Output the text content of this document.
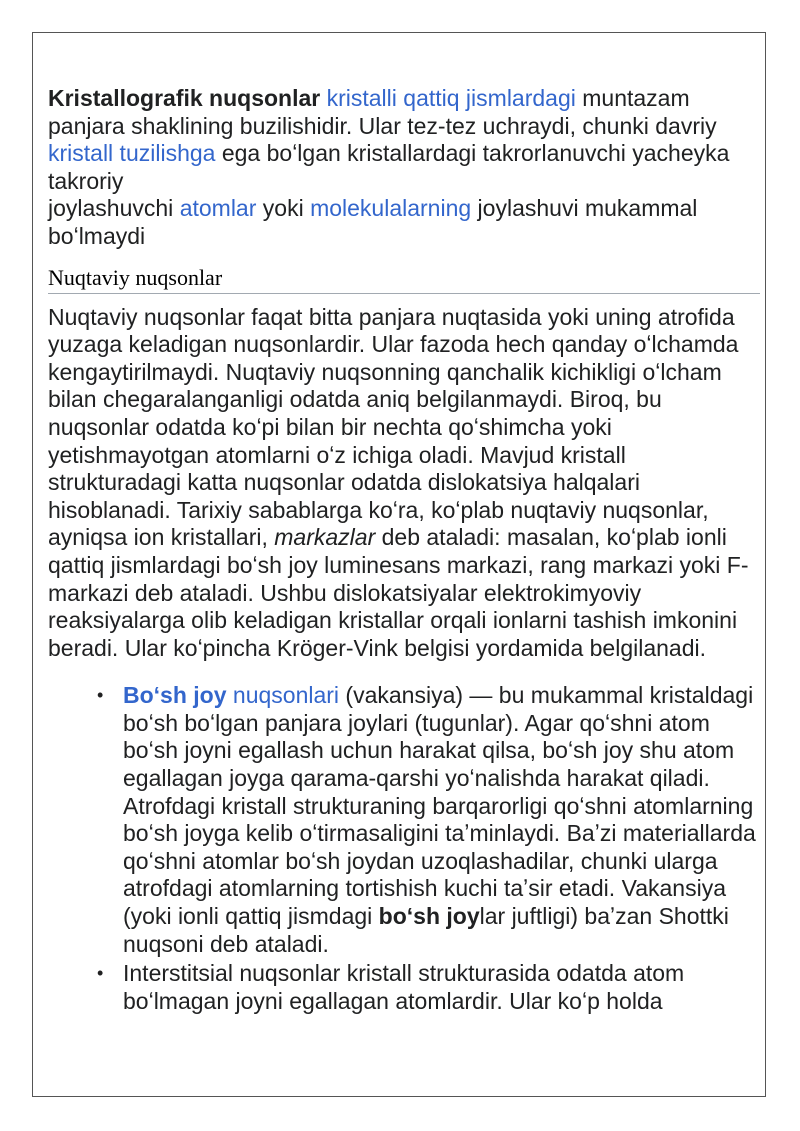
Kristallografik nuqsonlar kristalli qattiq jismlardagi muntazam panjara shaklining buzilishidir. Ular tez-tez uchraydi, chunki davriy kristall tuzilishga ega boʻlgan kristallardagi takrorlanuvchi yacheyka takroriy
joylashuvchi atomlar yoki molekulalarning joylashuvi mukammal boʻlmaydi

Nuqtaviy nuqsonlar

Nuqtaviy nuqsonlar faqat bitta panjara nuqtasida yoki uning atrofida yuzaga keladigan nuqsonlardir. Ular fazoda hech qanday oʻlchamda kengaytirilmaydi. Nuqtaviy nuqsonning qanchalik kichikligi oʻlcham bilan chegaralanganligi odatda aniq belgilanmaydi. Biroq, bu nuqsonlar odatda koʻpi bilan bir nechta qoʻshimcha yoki yetishmayotgan atomlarni oʻz ichiga oladi. Mavjud kristall strukturadagi katta nuqsonlar odatda dislokatsiya halqalari hisoblanadi. Tarixiy sabablarga koʻra, koʻplab nuqtaviy nuqsonlar, ayniqsa ion kristallari, markazlar deb ataladi: masalan, koʻplab ionli qattiq jismlardagi boʻsh joy luminesans markazi, rang markazi yoki F-markazi deb ataladi. Ushbu dislokatsiyalar elektrokimyoviy reaksiyalarga olib keladigan kristallar orqali ionlarni tashish imkonini beradi. Ular koʻpincha Kröger-Vink belgisi yordamida belgilanadi.

• Boʻsh joy nuqsonlari (vakansiya) — bu mukammal kristaldagi boʻsh boʻlgan panjara joylari (tugunlar). Agar qoʻshni atom boʻsh joyni egallash uchun harakat qilsa, boʻsh joy shu atom egallagan joyga qarama-qarshi yoʻnalishda harakat qiladi. Atrofdagi kristall strukturaning barqarorligi qoʻshni atomlarning boʻsh joyga kelib oʻtirmasaligini taʼminlaydi. Baʼzi materiallarda qoʻshni atomlar boʻsh joydan uzoqlashadilar, chunki ularga atrofdagi atomlarning tortishish kuchi taʼsir etadi. Vakansiya (yoki ionli qattiq jismdagi boʻsh joylar juftligi) baʼzan Shottki nuqsoni deb ataladi.
• Interstitsial nuqsonlar kristall strukturasida odatda atom boʻlmagan joyni egallagan atomlardir. Ular koʻp holda
